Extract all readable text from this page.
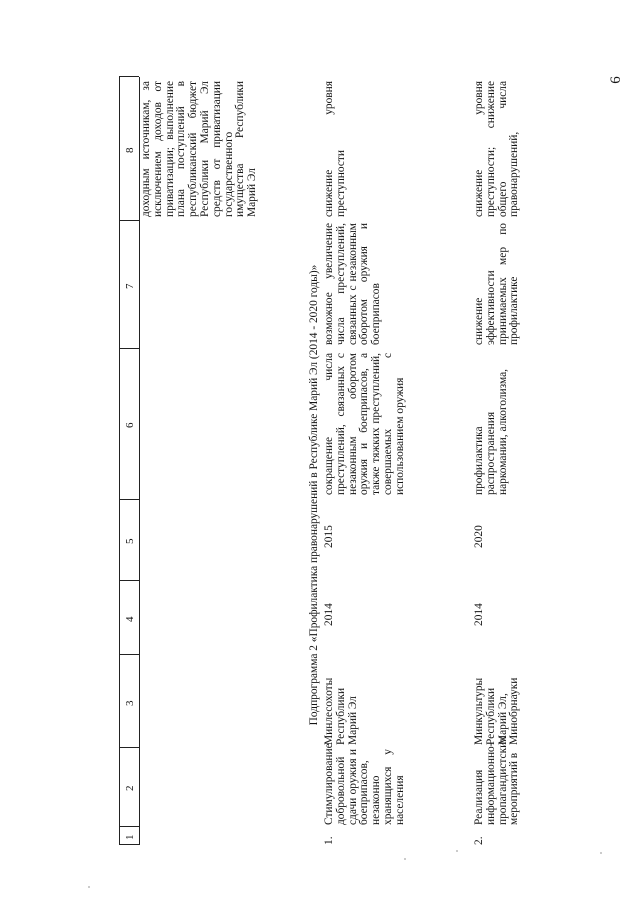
6
1
2
3
4
5
6
7
8 доходным источникам, за исключением доходов от приватизации; выполнение плана поступлений в республиканский бюджет Республики Марий Эл средств от приватизации государственного имущества Республики Марий Эл
Подпрограмма 2 «Профилактика правонарушений в Республике Марий Эл (2014 - 2020 годы)»
1.
Стимулирование добровольной сдачи оружия и боеприпасов, незаконно хранящихся у населения
Минлесохоты Республики Марий Эл
2014
2015
сокращение числа преступлений, связанных с незаконным оборотом оружия и боеприпасов, а также тяжких преступлений, совершаемых с использованием оружия
возможное увеличение числа преступлений, связанных с незаконным оборотом оружия и боеприпасов
снижение уровня преступности
2.
Реализация информационно-пропагандистских мероприятий в
Минкультуры Республики Марий Эл, Минобрнауки
2014
2020
профилактика распространения наркомании, алкоголизма,
снижение эффективности принимаемых мер по профилактике
снижение уровня преступности; снижение общего числа правонарушений,
